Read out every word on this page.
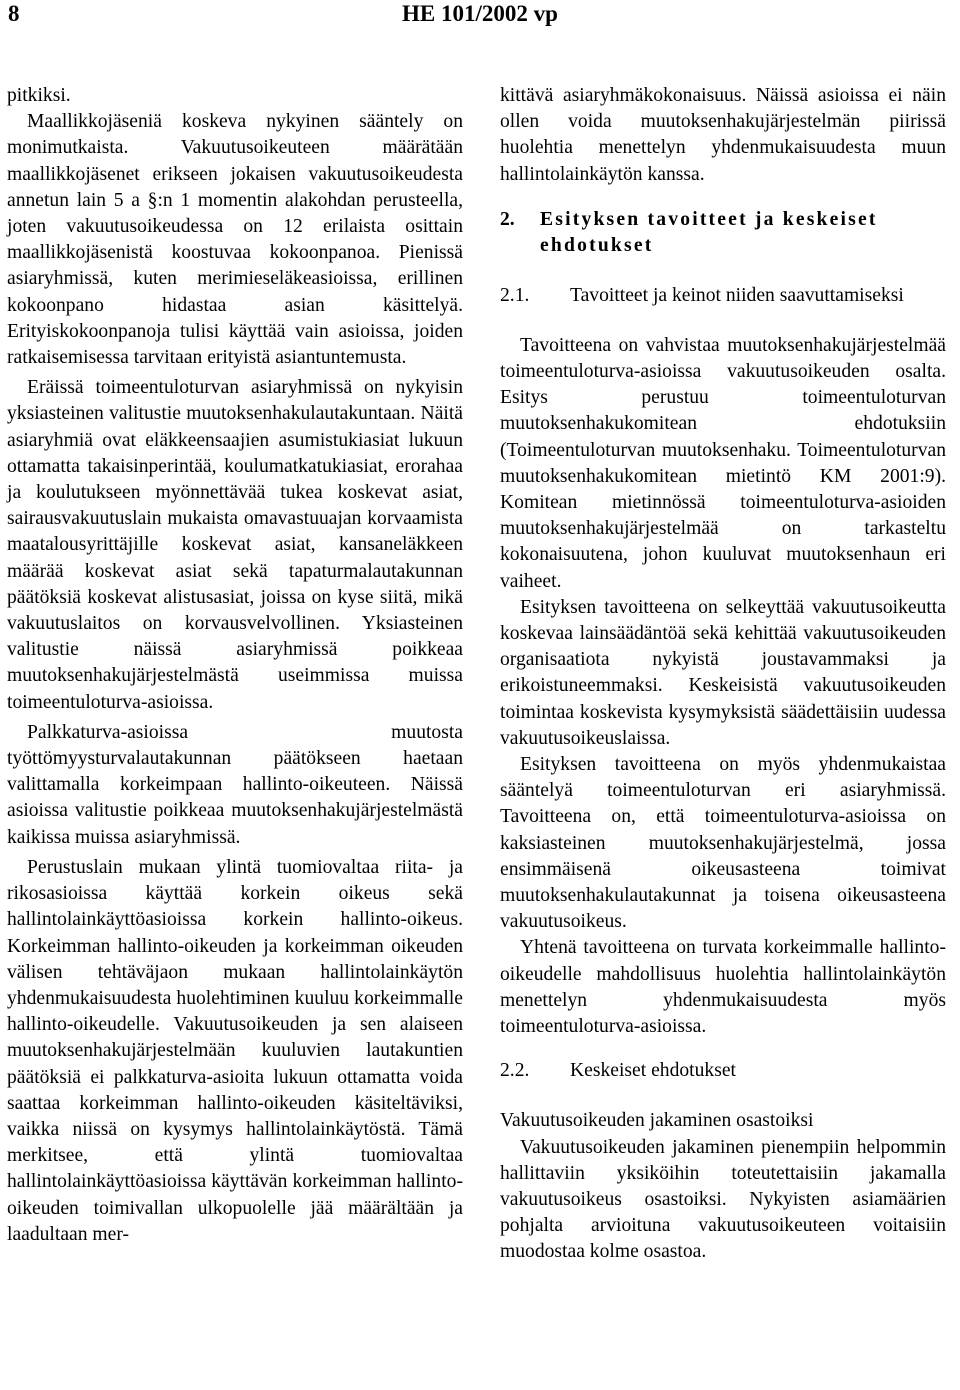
8	HE 101/2002 vp

pitkiksi.

Maallikkojäseniä koskeva nykyinen sääntely on monimutkaista. Vakuutusoikeuteen määrätään maallikkojäsenet erikseen jokaisen vakuutusoikeudesta annetun lain 5 a §:n 1 momentin alakohdan perusteella, joten vakuutusoikeudessa on 12 erilaista osittain maallikkojäsenistä koostuvaa kokoonpanoa. Pienissä asiaryhmissä, kuten merimieseläkeasioissa, erillinen kokoonpano hidastaa asian käsittelyä. Erityiskokoonpanoja tulisi käyttää vain asioissa, joiden ratkaisemisessa tarvitaan erityistä asiantuntemusta.

Eräissä toimeentuloturvan asiaryhmissä on nykyisin yksiasteinen valitustie muutoksenhakulautakuntaan. Näitä asiaryhmiä ovat eläkkeensaajien asumistukiasiat lukuun ottamatta takaisinperintää, koulumatkatukiasiat, erorahaa ja koulutukseen myönnettävää tukea koskevat asiat, sairausvakuutuslain mukaista omavastuuajan korvaamista maatalousyrittäjille koskevat asiat, kansaneläkkeen määrää koskevat asiat sekä tapaturmalautakunnan päätöksiä koskevat alistusasiat, joissa on kyse siitä, mikä vakuutuslaitos on korvausvelvollinen. Yksiasteinen valitustie näissä asiaryhmissä poikkeaa muutoksenhakujärjestelmästä useimmissa muissa toimeentuloturva-asioissa.

Palkkaturva-asioissa muutosta työttömyysturvalautakunnan päätökseen haetaan valittamalla korkeimpaan hallinto-oikeuteen. Näissä asioissa valitustie poikkeaa muutoksenhakujärjestelmästä kaikissa muissa asiaryhmissä.

Perustuslain mukaan ylintä tuomiovaltaa riita- ja rikosasioissa käyttää korkein oikeus sekä hallintolainkäyttöasioissa korkein hallinto-oikeus. Korkeimman hallinto-oikeuden ja korkeimman oikeuden välisen tehtäväjaon mukaan hallintolainkäytön yhdenmukaisuudesta huolehtiminen kuuluu korkeimmalle hallinto-oikeudelle. Vakuutusoikeuden ja sen alaiseen muutoksenhakujärjestelmään kuuluvien lautakuntien päätöksiä ei palkkaturva-asioita lukuun ottamatta voida saattaa korkeimman hallinto-oikeuden käsiteltäviksi, vaikka niissä on kysymys hallintolainkäytöstä. Tämä merkitsee, että ylintä tuomiovaltaa hallintolainkäyttöasioissa käyttävän korkeimman hallinto-oikeuden toimivallan ulkopuolelle jää määrältään ja laadultaan mer-

kittävä asiaryhmäkokonaisuus. Näissä asioissa ei näin ollen voida muutoksenhakujärjestelmän piirissä huolehtia menettelyn yhdenmukaisuudesta muun hallintolainkäytön kanssa.

2.	Esityksen tavoitteet ja keskeiset ehdotukset
2.1.	Tavoitteet ja keinot niiden saavuttamiseksi

Tavoitteena on vahvistaa muutoksenhakujärjestelmää toimeentuloturva-asioissa vakuutusoikeuden osalta. Esitys perustuu toimeentuloturvan muutoksenhakukomitean ehdotuksiin (Toimeentuloturvan muutoksenhaku. Toimeentuloturvan muutoksenhakukomitean mietintö KM 2001:9). Komitean mietinnössä toimeentuloturva-asioiden muutoksenhakujärjestelmää on tarkasteltu kokonaisuutena, johon kuuluvat muutoksenhaun eri vaiheet.

Esityksen tavoitteena on selkeyttää vakuutusoikeutta koskevaa lainsäädäntöä sekä kehittää vakuutusoikeuden organisaatiota nykyistä joustavammaksi ja erikoistuneemmaksi. Keskeisistä vakuutusoikeuden toimintaa koskevista kysymyksistä säädettäisiin uudessa vakuutusoikeuslaissa.

Esityksen tavoitteena on myös yhdenmukaistaa sääntelyä toimeentuloturvan eri asiaryhmissä. Tavoitteena on, että toimeentuloturva-asioissa on kaksiasteinen muutoksenhakujärjestelmä, jossa ensimmäisenä oikeusasteena toimivat muutoksenhakulautakunnat ja toisena oikeusasteena vakuutusoikeus.

Yhtenä tavoitteena on turvata korkeimmalle hallinto-oikeudelle mahdollisuus huolehtia hallintolainkäytön menettelyn yhdenmukaisuudesta myös toimeentuloturva-asioissa.

2.2.	Keskeiset ehdotukset

Vakuutusoikeuden jakaminen osastoiksi

Vakuutusoikeuden jakaminen pienempiin helpommin hallittaviin yksiköihin toteutettaisiin jakamalla vakuutusoikeus osastoiksi. Nykyisten asiamäärien pohjalta arvioituna vakuutusoikeuteen voitaisiin muodostaa kolme osastoa.
